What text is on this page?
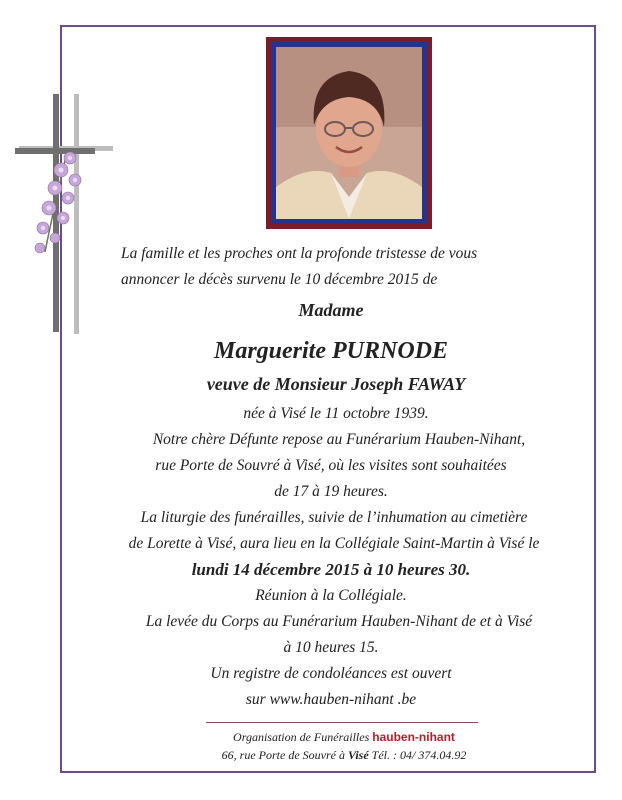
La famille et les proches ont la profonde tristesse de vous
annoncer le décès survenu le 10 décembre 2015 de
Madame
Marguerite PURNODE
veuve de Monsieur Joseph FAWAY
née à Visé le 11 octobre 1939.
Notre chère Défunte repose au Funérarium Hauben-Nihant,
rue Porte de Souvré à Visé, où les visites sont souhaitées
de 17 à 19 heures.
La liturgie des funérailles, suivie de l’inhumation au cimetière
de Lorette à Visé, aura lieu en la Collégiale Saint-Martin à Visé le
lundi 14 décembre 2015 à 10 heures 30.
Réunion à la Collégiale.
La levée du Corps au Funérarium Hauben-Nihant de et à Visé
à 10 heures 15.
Un registre de condoléances est ouvert
sur www.hauben-nihant .be
Organisation de Funérailles hauben-nihant
66, rue Porte de Souvré à Visé Tél. : 04/ 374.04.92
